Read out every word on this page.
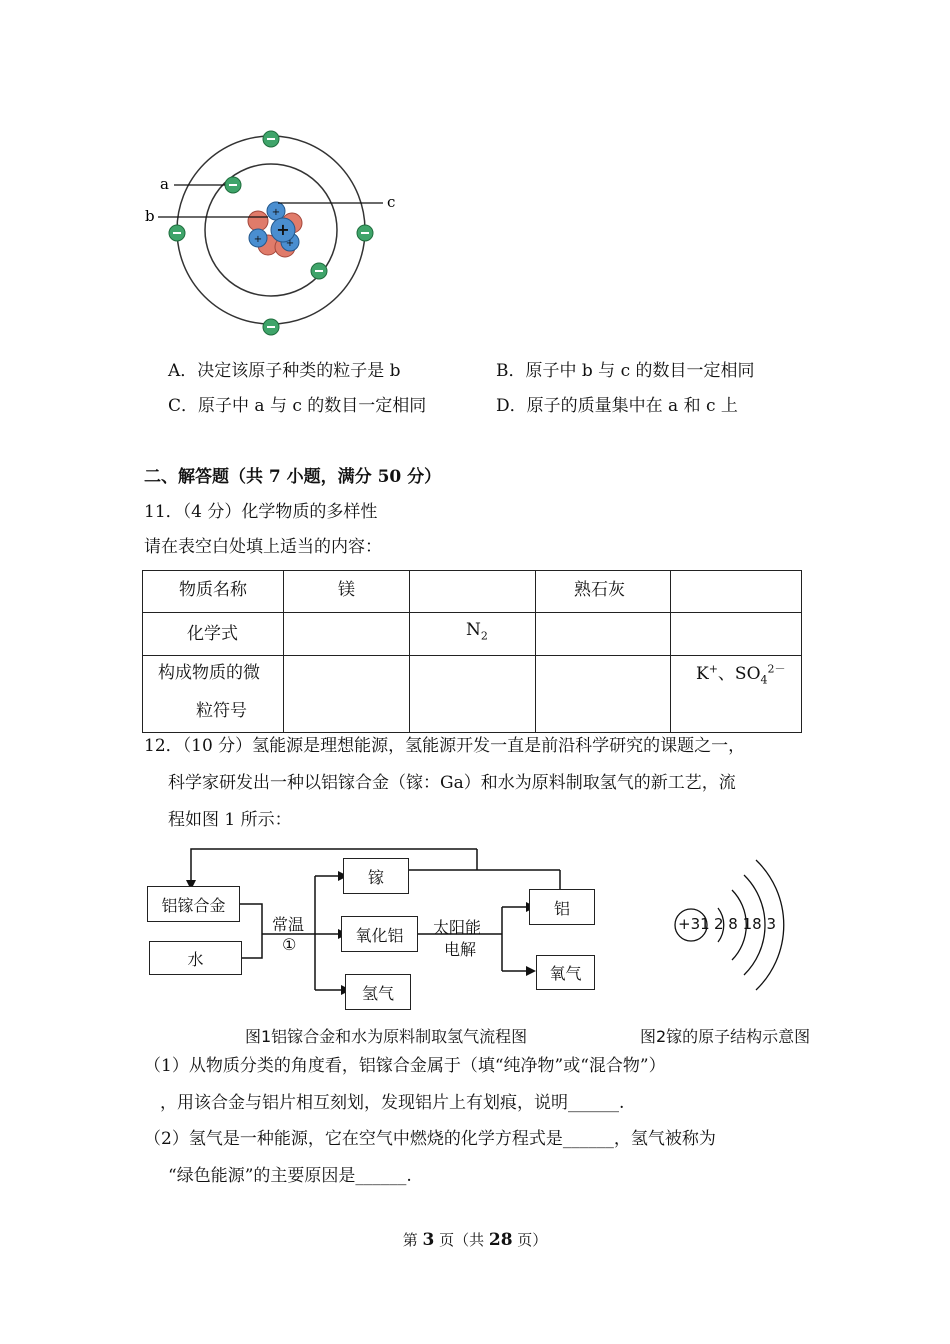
+
+
+ +
a
b
c
A．决定该原子种类的粒子是 b	B．原子中 b 与 c 的数目一定相同
C．原子中 a 与 c 的数目一定相同	D．原子的质量集中在 a 和 c 上
二、解答题（共 7 小题，满分 50 分）
11．（4 分）化学物质的多样性
请在表空白处填上适当的内容：
物质名称	镁		熟石灰	

化学式		$N_2$

构成物质的微
粒符号				K+、$SO_4^{2-}$
12．（10 分）氢能源是理想能源，氢能源开发一直是前沿科学研究的课题之一，
科学家研发出一种以铝镓合金（镓：Ga）和水为原料制取氢气的新工艺，流
程如图 1 所示：
铝镓合金
水
常温
①
镓
氧化铝
氢气
太阳能
电解
铝
氧气
+31 2 8 18 3
图1铝镓合金和水为原料制取氢气流程图	图2镓的原子结构示意图
（1）从物质分类的角度看，铝镓合金属于（填“纯净物”或“混合物”）
，用该合金与铝片相互刻划，发现铝片上有划痕，说明______.
（2）氢气是一种能源，它在空气中燃烧的化学方程式是______，氢气被称为
“绿色能源”的主要原因是______.
第 3 页（共 28 页）
